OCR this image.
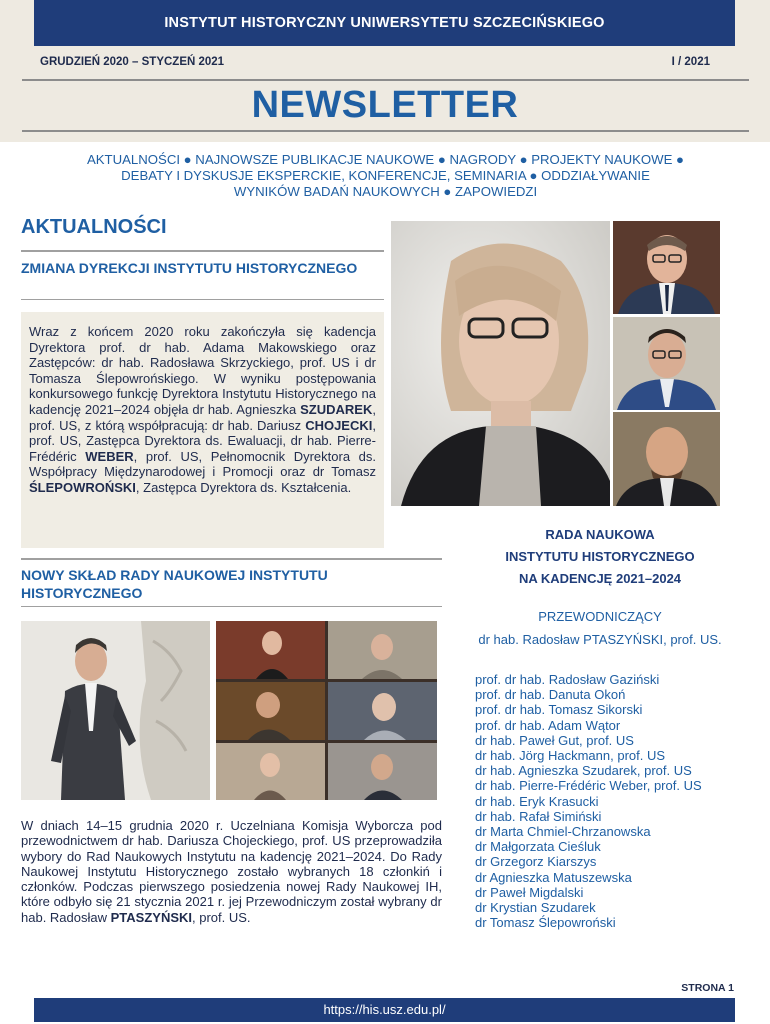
INSTYTUT HISTORYCZNY UNIWERSYTETU SZCZECIŃSKIEGO
GRUDZIEŃ 2020 – STYCZEŃ 2021	I / 2021
NEWSLETTER
AKTUALNOŚCI ● NAJNOWSZE PUBLIKACJE NAUKOWE ● NAGRODY ● PROJEKTY NAUKOWE ●
DEBATY I DYSKUSJE EKSPERCKIE, KONFERENCJE, SEMINARIA ● ODDZIAŁYWANIE
WYNIKÓW BADAŃ NAUKOWYCH ● ZAPOWIEDZI
AKTUALNOŚCI
ZMIANA DYREKCJI INSTYTUTU HISTORYCZNEGO
Wraz z końcem 2020 roku zakończyła się kadencja Dyrektora prof. dr hab. Adama Makowskiego oraz Zastępców: dr hab. Radosława Skrzyckiego, prof. US i dr Tomasza Ślepowrońskiego. W wyniku postępowania konkursowego funkcję Dyrektora Instytutu Historycznego na kadencję 2021–2024 objęła dr hab. Agnieszka SZUDAREK, prof. US, z którą współpracują: dr hab. Dariusz CHOJECKI, prof. US, Zastępca Dyrektora ds. Ewaluacji, dr hab. Pierre-Frédéric WEBER, prof. US, Pełnomocnik Dyrektora ds. Współpracy Międzynarodowej i Promocji oraz dr Tomasz ŚLEPOWROŃSKI, Zastępca Dyrektora ds. Kształcenia.
NOWY SKŁAD RADY NAUKOWEJ INSTYTUTU HISTORYCZNEGO
W dniach 14–15 grudnia 2020 r. Uczelniana Komisja Wyborcza pod przewodnictwem dr hab. Dariusza Chojeckiego, prof. US przeprowadziła wybory do Rad Naukowych Instytutu na kadencję 2021–2024. Do Rady Naukowej Instytutu Historycznego zostało wybranych 18 członkiń i członków. Podczas pierwszego posiedzenia nowej Rady Naukowej IH, które odbyło się 21 stycznia 2021 r. jej Przewodniczym został wybrany dr hab. Radosław PTASZYŃSKI, prof. US.
RADA NAUKOWA
INSTYTUTU HISTORYCZNEGO
NA KADENCJĘ 2021–2024
PRZEWODNICZĄCY
dr hab. Radosław PTASZYŃSKI, prof. US.
prof. dr hab. Radosław Gaziński
prof. dr hab. Danuta Okoń
prof. dr hab. Tomasz Sikorski
prof. dr hab. Adam Wątor
dr hab. Paweł Gut, prof. US
dr hab. Jörg Hackmann, prof. US
dr hab. Agnieszka Szudarek, prof. US
dr hab. Pierre-Frédéric Weber, prof. US
dr hab. Eryk Krasucki
dr hab. Rafał Simiński
dr Marta Chmiel-Chrzanowska
dr Małgorzata Cieśluk
dr Grzegorz Kiarszys
dr Agnieszka Matuszewska
dr Paweł Migdalski
dr Krystian Szudarek
dr Tomasz Ślepowroński
STRONA 1
https://his.usz.edu.pl/
